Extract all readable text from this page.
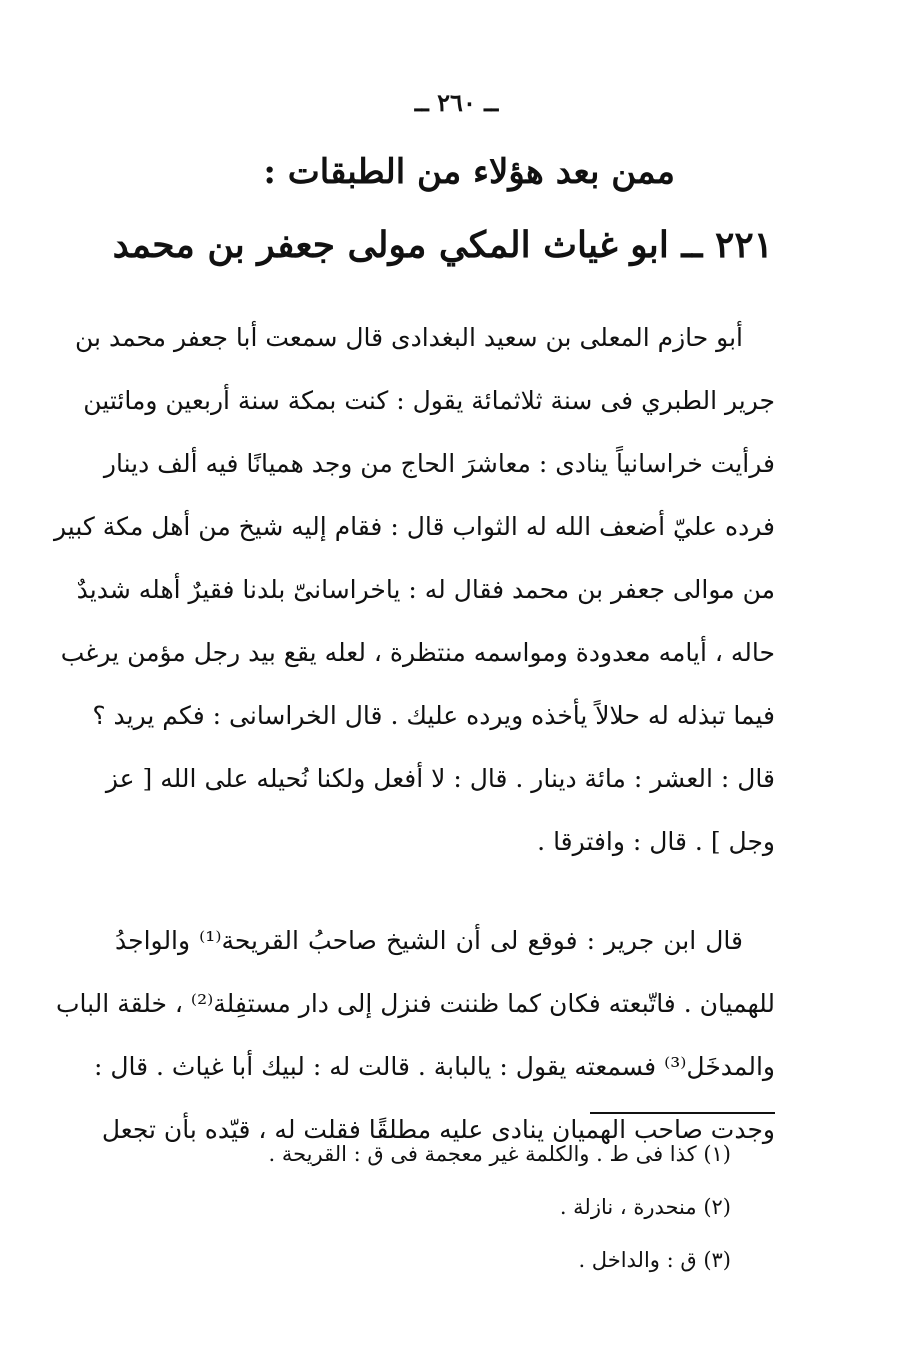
ــ ٢٦٠ ــ
ممن بعد هؤلاء من الطبقات :
٢٢١ ــ ابو غياث المكي مولى جعفر بن محمد
أبو حازم المعلى بن سعيد البغدادى قال سمعت أبا جعفر محمد بن
جرير الطبري فى سنة ثلاثمائة يقول : كنت بمكة سنة أربعين ومائتين
فرأيت خراسانياً ينادى : معاشرَ الحاج من وجد هميانًا فيه ألف دينار
فرده عليّ أضعف الله له الثواب قال : فقام إليه شيخ من أهل مكة كبير
من موالى جعفر بن محمد فقال له : ياخراسانىّ بلدنا فقيرٌ أهله شديدٌ
حاله ، أيامه معدودة ومواسمه منتظرة ، لعله يقع بيد رجل مؤمن يرغب
فيما تبذله له حلالاً يأخذه ويرده عليك . قال الخراسانى : فكم يريد ؟
قال : العشر : مائة دينار . قال : لا أفعل ولكنا نُحيله على الله [ عز
وجل ] . قال : وافترقا .
قال ابن جرير : فوقع لى أن الشيخ صاحبُ القريحة⁽¹⁾ والواجدُ
للهميان . فاتّبعته فكان كما ظننت فنزل إلى دار مستفِلة⁽²⁾ ، خلقة الباب
والمدخَل⁽³⁾ فسمعته يقول : يالبابة . قالت له : لبيك أبا غياث . قال :
وجدت صاحب الهميان ينادى عليه مطلقًا فقلت له ، قيّده بأن تجعل
(١) كذا فى ط . والكلمة غير معجمة فى ق : القريحة .
(٢) منحدرة ، نازلة .
(٣) ق : والداخل .
